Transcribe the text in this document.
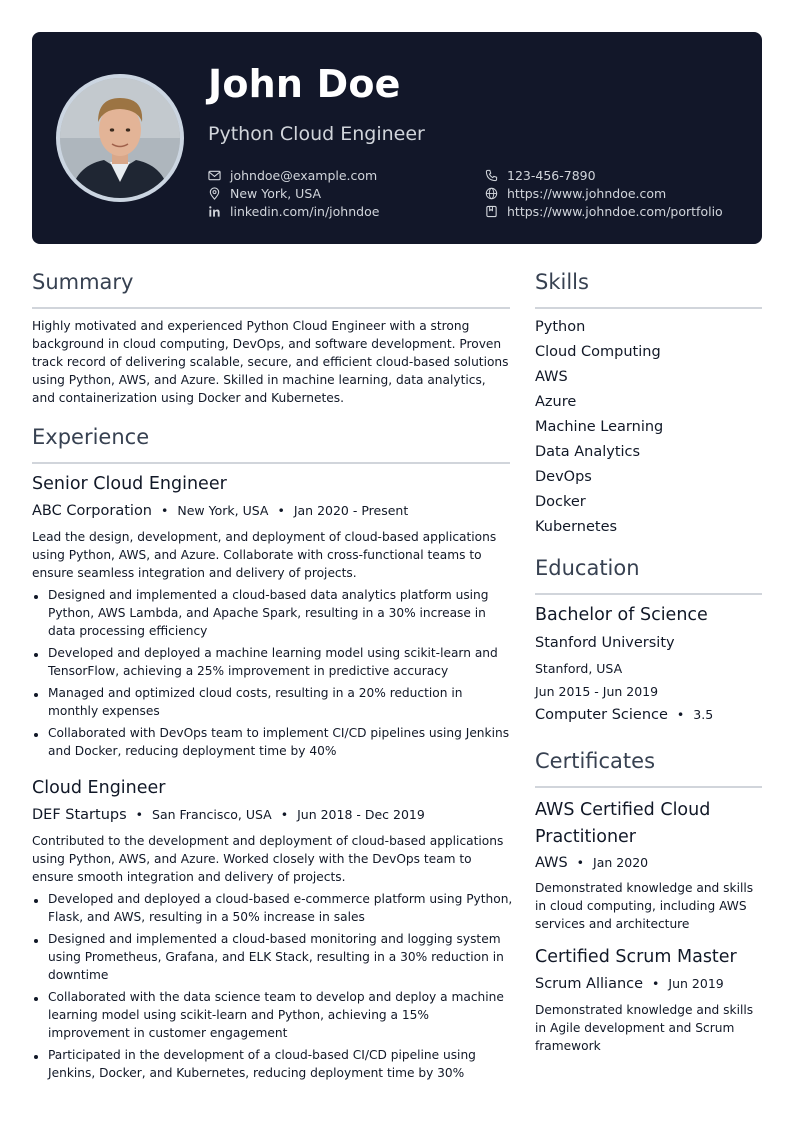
John Doe
Python Cloud Engineer
johndoe@example.com	123-456-7890
New York, USA	https://www.johndoe.com
linkedin.com/in/johndoe	https://www.johndoe.com/portfolio
Summary
Highly motivated and experienced Python Cloud Engineer with a strong background in cloud computing, DevOps, and software development. Proven track record of delivering scalable, secure, and efficient cloud-based solutions using Python, AWS, and Azure. Skilled in machine learning, data analytics, and containerization using Docker and Kubernetes.
Experience
Senior Cloud Engineer
ABC Corporation • New York, USA • Jan 2020 - Present
Lead the design, development, and deployment of cloud-based applications using Python, AWS, and Azure. Collaborate with cross-functional teams to ensure seamless integration and delivery of projects.
Designed and implemented a cloud-based data analytics platform using Python, AWS Lambda, and Apache Spark, resulting in a 30% increase in data processing efficiency
Developed and deployed a machine learning model using scikit-learn and TensorFlow, achieving a 25% improvement in predictive accuracy
Managed and optimized cloud costs, resulting in a 20% reduction in monthly expenses
Collaborated with DevOps team to implement CI/CD pipelines using Jenkins and Docker, reducing deployment time by 40%
Cloud Engineer
DEF Startups • San Francisco, USA • Jun 2018 - Dec 2019
Contributed to the development and deployment of cloud-based applications using Python, AWS, and Azure. Worked closely with the DevOps team to ensure smooth integration and delivery of projects.
Developed and deployed a cloud-based e-commerce platform using Python, Flask, and AWS, resulting in a 50% increase in sales
Designed and implemented a cloud-based monitoring and logging system using Prometheus, Grafana, and ELK Stack, resulting in a 30% reduction in downtime
Collaborated with the data science team to develop and deploy a machine learning model using scikit-learn and Python, achieving a 15% improvement in customer engagement
Participated in the development of a cloud-based CI/CD pipeline using Jenkins, Docker, and Kubernetes, reducing deployment time by 30%
Skills
Python
Cloud Computing
AWS
Azure
Machine Learning
Data Analytics
DevOps
Docker
Kubernetes
Education
Bachelor of Science
Stanford University
Stanford, USA
Jun 2015 - Jun 2019
Computer Science • 3.5
Certificates
AWS Certified Cloud Practitioner
AWS • Jan 2020
Demonstrated knowledge and skills in cloud computing, including AWS services and architecture
Certified Scrum Master
Scrum Alliance • Jun 2019
Demonstrated knowledge and skills in Agile development and Scrum framework
